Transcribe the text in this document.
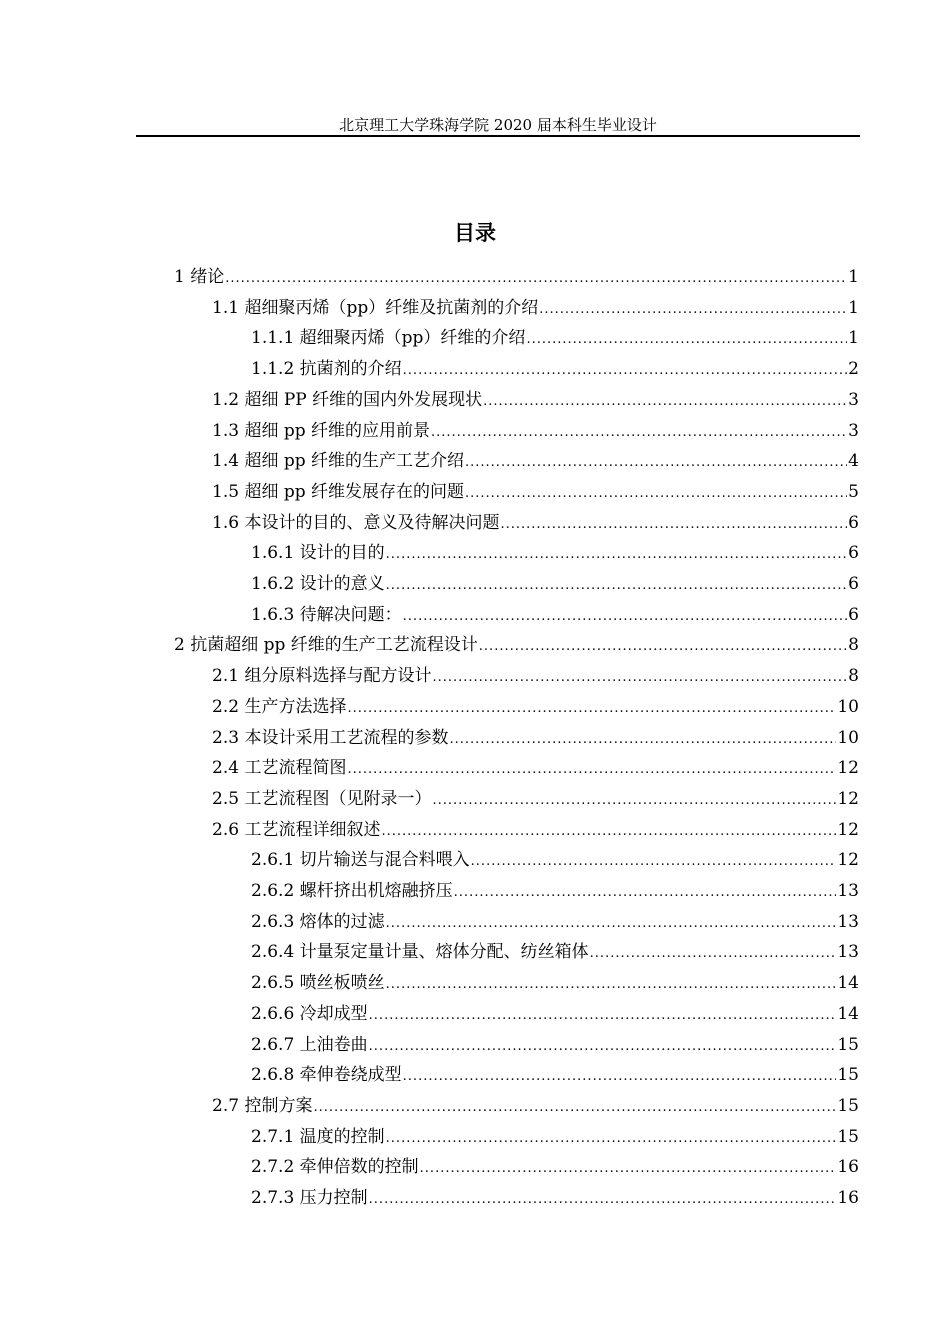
北京理工大学珠海学院 2020 届本科生毕业设计
目录
1 绪论 .....	1
1.1 超细聚丙烯（pp）纤维及抗菌剂的介绍 .....	1
1.1.1 超细聚丙烯（pp）纤维的介绍 .....	1
1.1.2 抗菌剂的介绍 .....	2
1.2 超细 PP 纤维的国内外发展现状 .....	3
1.3 超细 pp 纤维的应用前景 .....	3
1.4 超细 pp 纤维的生产工艺介绍 .....	4
1.5 超细 pp 纤维发展存在的问题 .....	5
1.6 本设计的目的、意义及待解决问题 .....	6
1.6.1 设计的目的 .....	6
1.6.2 设计的意义 .....	6
1.6.3 待解决问题： .....	6
2 抗菌超细 pp 纤维的生产工艺流程设计 .....	8
2.1 组分原料选择与配方设计 .....	8
2.2 生产方法选择 .....	10
2.3 本设计采用工艺流程的参数 .....	10
2.4 工艺流程简图 .....	12
2.5 工艺流程图（见附录一） .....	12
2.6 工艺流程详细叙述 .....	12
2.6.1 切片输送与混合料喂入 .....	12
2.6.2 螺杆挤出机熔融挤压 .....	13
2.6.3 熔体的过滤 .....	13
2.6.4 计量泵定量计量、熔体分配、纺丝箱体 .....	13
2.6.5 喷丝板喷丝 .....	14
2.6.6 冷却成型 .....	14
2.6.7 上油卷曲 .....	15
2.6.8 牵伸卷绕成型 .....	15
2.7 控制方案 .....	15
2.7.1 温度的控制 .....	15
2.7.2 牵伸倍数的控制 .....	16
2.7.3 压力控制 .....	16
